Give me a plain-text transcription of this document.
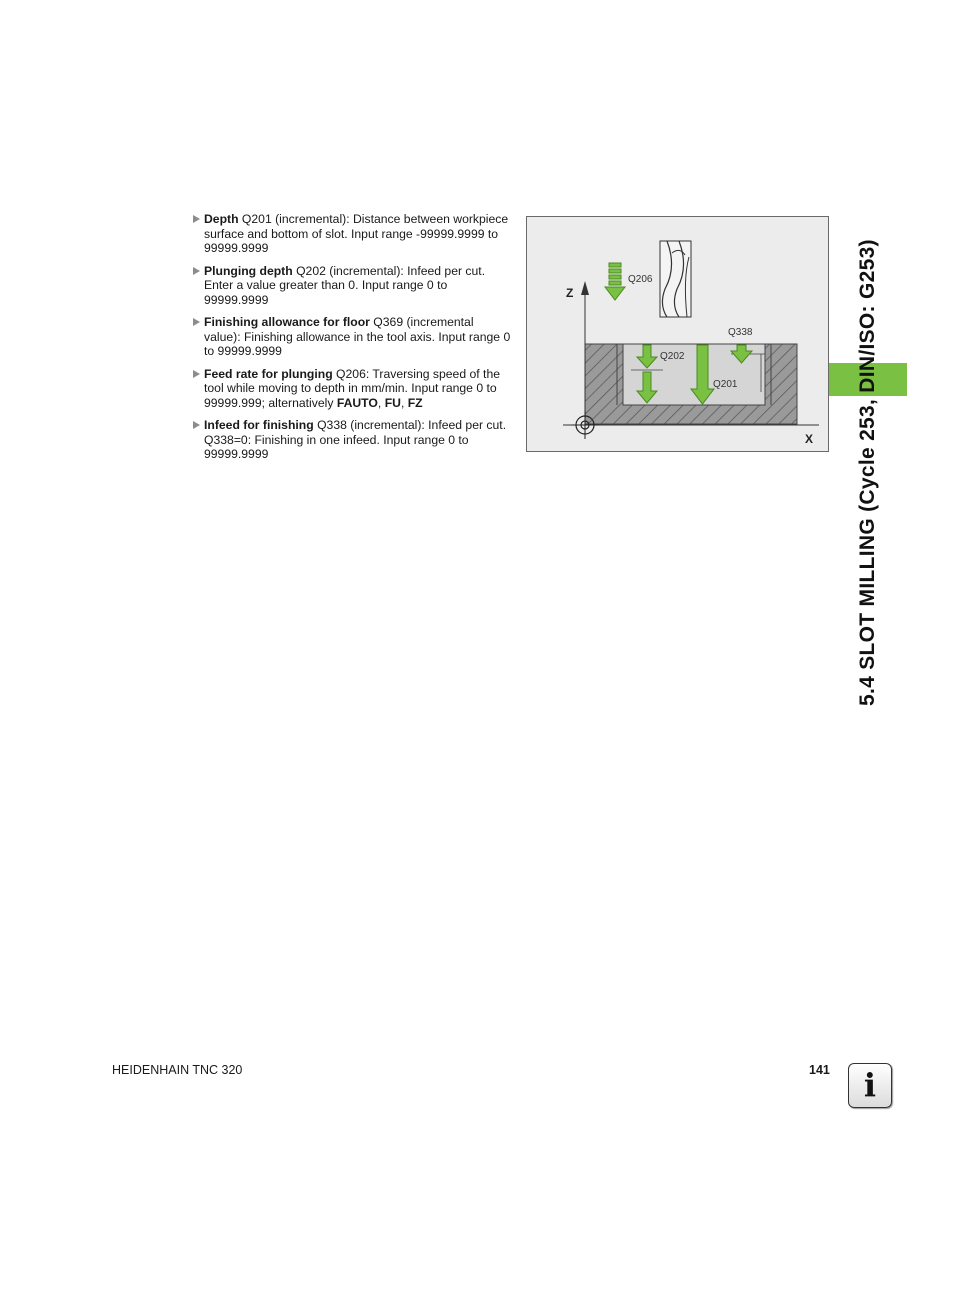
Depth Q201 (incremental): Distance between workpiece surface and bottom of slot. Input range -99999.9999 to 99999.9999
Plunging depth Q202 (incremental): Infeed per cut. Enter a value greater than 0. Input range 0 to 99999.9999
Finishing allowance for floor Q369 (incremental value): Finishing allowance in the tool axis. Input range 0 to 99999.9999
Feed rate for plunging Q206: Traversing speed of the tool while moving to depth in mm/min. Input range 0 to 99999.999; alternatively FAUTO, FU, FZ
Infeed for finishing Q338 (incremental): Infeed per cut. Q338=0: Finishing in one infeed. Input range 0 to 99999.9999
Z
X
Q206
Q202
Q201
Q338	5.4 SLOT MILLING (Cycle 253, DIN/ISO: G253)
HEIDENHAIN TNC 320	141	i
